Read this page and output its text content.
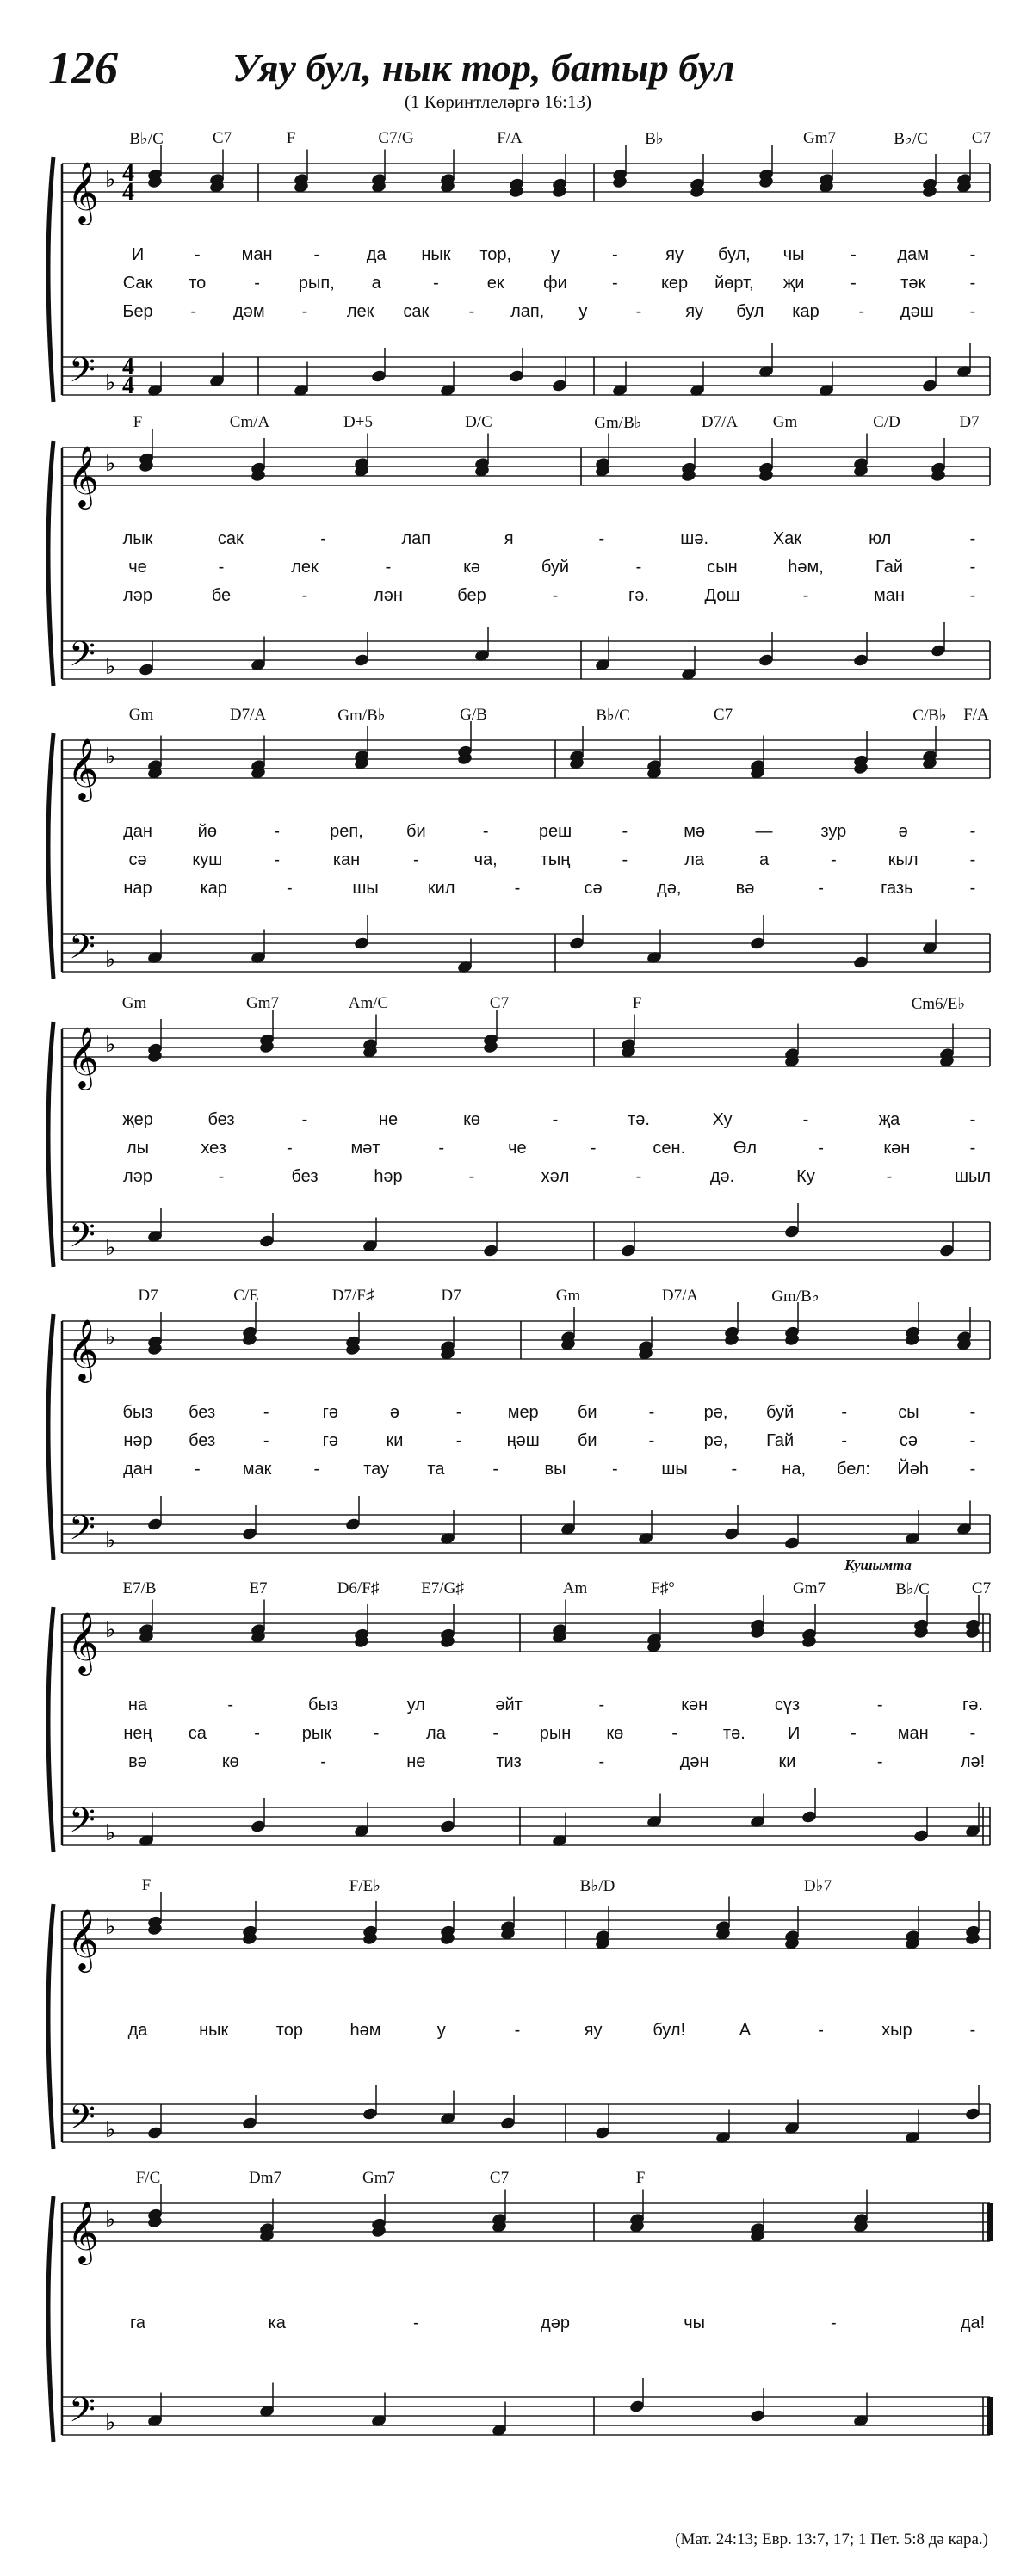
126	Уяу бул, нык тор, батыр бул
(1 Көринтлеләргә 16:13)
𝄞
𝄢
♭
♭
4
4
4
4
𝄞
𝄢
♭
♭
𝄞
𝄢
♭
♭
𝄞
𝄢
♭
♭
𝄞
𝄢
♭
♭
𝄞
𝄢
♭
♭
𝄞
𝄢
♭
♭
𝄞
𝄢
♭
♭
B♭/C	C7	F	C7/G	F/A	B♭	Gm7	B♭/C	C7
И	- ман -	да нык тор, у	-	яу бул, чы	- дам -
Сак то	- рып, а	-	ек фи	-	кер йөрт, җи	-	тәк	-
Бер - дәм - лек сак - лап, у	-	яу бул кар - дәш -
F	Cm/A	D+5	D/C	Gm/B♭	D7/A Gm	C/D	D7
лык	сак	-	лап	я	-	шә.	Хак	юл	-
че	-	лек	-	кә	буй	-	сын	һәм,	Гай	-
ләр	бе	-	лән	бер	-	гә.	Дош	-	ман	-
Gm	D7/A	Gm/B♭	G/B	B♭/C	C7	C/B♭ F/A
дан	йө	-	реп,	би	-	реш	-	мә	—	зур	ә	-
сә	куш	-	кан	-	ча, тың	-	ла	а	-	кыл	-
нар	кар	-	шы	кил	-	сә	дә,	вә	-	газь	-
Gm	Gm7	Am/C	C7	F	Cm6/E♭
җер	без	-	не	кө	-	тә.	Ху	-	җа	-
лы	хез	-	мәт	-	че	-	сен.	Өл	-	кән	-
ләр	-	без	һәр	-	хәл	-	дә.	Ку	-	шыл
D7	C/E	D7/F♯	D7	Gm	D7/A	Gm/B♭
быз без	-	гә	ә	-	мер би	-	рә, буй	-	сы	-
нәр без	-	гә	ки	-	ңәш би	-	рә, Гай	-	сә	-
дан - мак -	тау та	-	вы	-	шы	-	на, бел: Йәһ -
E7/B	E7	D6/F♯	E7/G♯	Am	F♯°	Gm7	B♭/C	C7
Кушымта
на	-	быз	ул	әйт	-	кән	сүз	-	гә.
нең са	- рык -	ла	- рын кө	-	тә. И	- ман -
вә	кө	-	не	тиз	-	дән	ки	-	лә!
F	F/E♭	B♭/D	D♭7
да	нык	тор	һәм	у	-	яу	бул!	А	-	хыр	-
F/C	Dm7	Gm7	C7	F
га	ка	-	дәр	чы	-	да!
(Мат. 24:13; Евр. 13:7, 17; 1 Пет. 5:8 дә кара.)
